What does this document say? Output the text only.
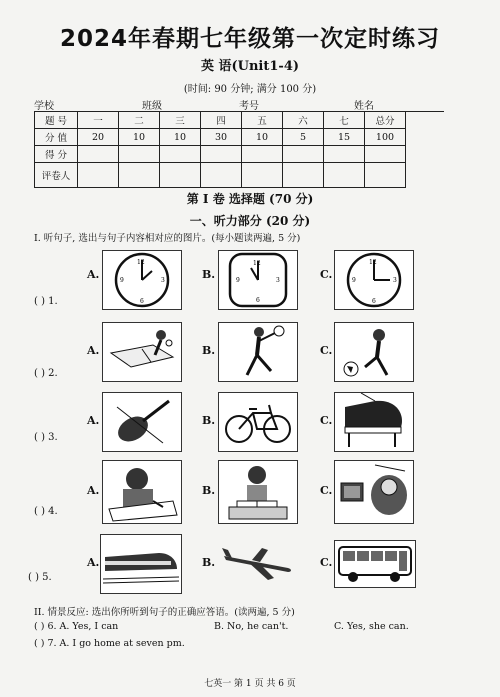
2024年春期七年级第一次定时练习
英 语(Unit1-4)
(时间: 90 分钟; 满分 100 分)
学校	班级	考号	姓名
题 号	一	二	三	四	五	六	七	总分
分 值	20	10	10	30	10	5	15	100
得 分								
评卷人								
第 I 卷 选择题 (70 分)
一、听力部分 (20 分)
I. 听句子, 选出与句子内容相对应的图片。(每小题读两遍, 5 分)
( ) 1.
A.
12
3
6
9	B.
12
3
6
9	C.
12
3
6
9
( ) 2.
A.	B.	C.
( ) 3.
A.	B.	C.
( ) 4.
A.	B.	C.
( ) 5.
A.	B.	C.
II. 情景反应: 选出你所听到句子的正确应答语。(读两遍, 5 分)
( ) 6. A. Yes, I can	B. No, he can't.	C. Yes, she can.
( ) 7. A. I go home at seven pm.
七英一 第 1 页 共 6 页
